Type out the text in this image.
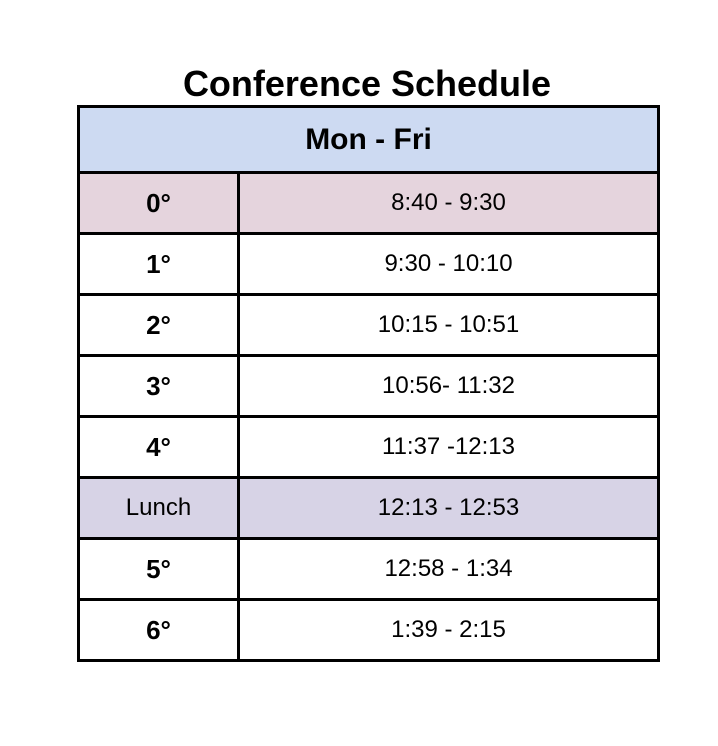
Conference Schedule
Mon - Fri	
0°	8:40 - 9:30
1°	9:30 - 10:10
2°	10:15 - 10:51
3°	10:56- 11:32
4°	11:37 -12:13
Lunch	12:13 - 12:53
5°	12:58 - 1:34
6°	1:39 - 2:15
